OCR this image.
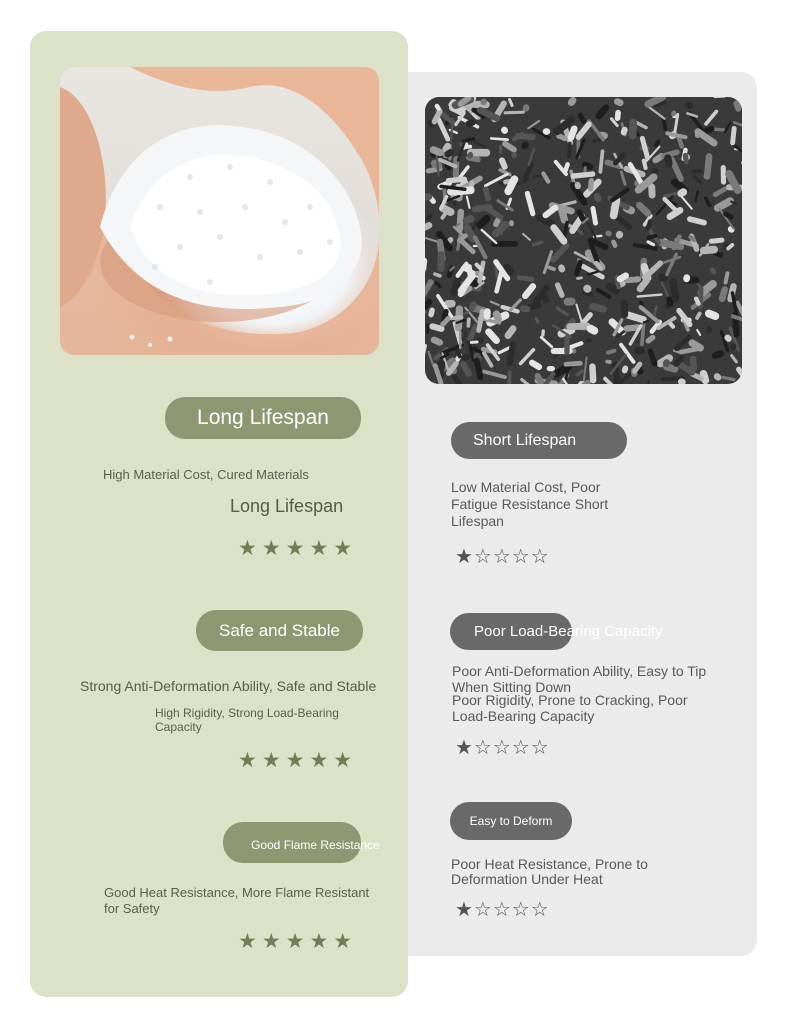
Long Lifespan
High Material Cost, Cured Materials
Long Lifespan
★★★★★
Safe and Stable
Strong Anti-Deformation Ability, Safe and Stable
High Rigidity, Strong Load-Bearing Capacity
★★★★★
Good Flame Resistance
Good Heat Resistance, More Flame Resistant for Safety
★★★★★
Short Lifespan
Low Material Cost, Poor Fatigue Resistance Short Lifespan
★☆☆☆☆
Poor Load-Bearing Capacity
Poor Anti-Deformation Ability, Easy to Tip When Sitting Down
Poor Rigidity, Prone to Cracking, Poor Load-Bearing Capacity
★☆☆☆☆
Easy to Deform
Poor Heat Resistance, Prone to Deformation Under Heat
★☆☆☆☆
